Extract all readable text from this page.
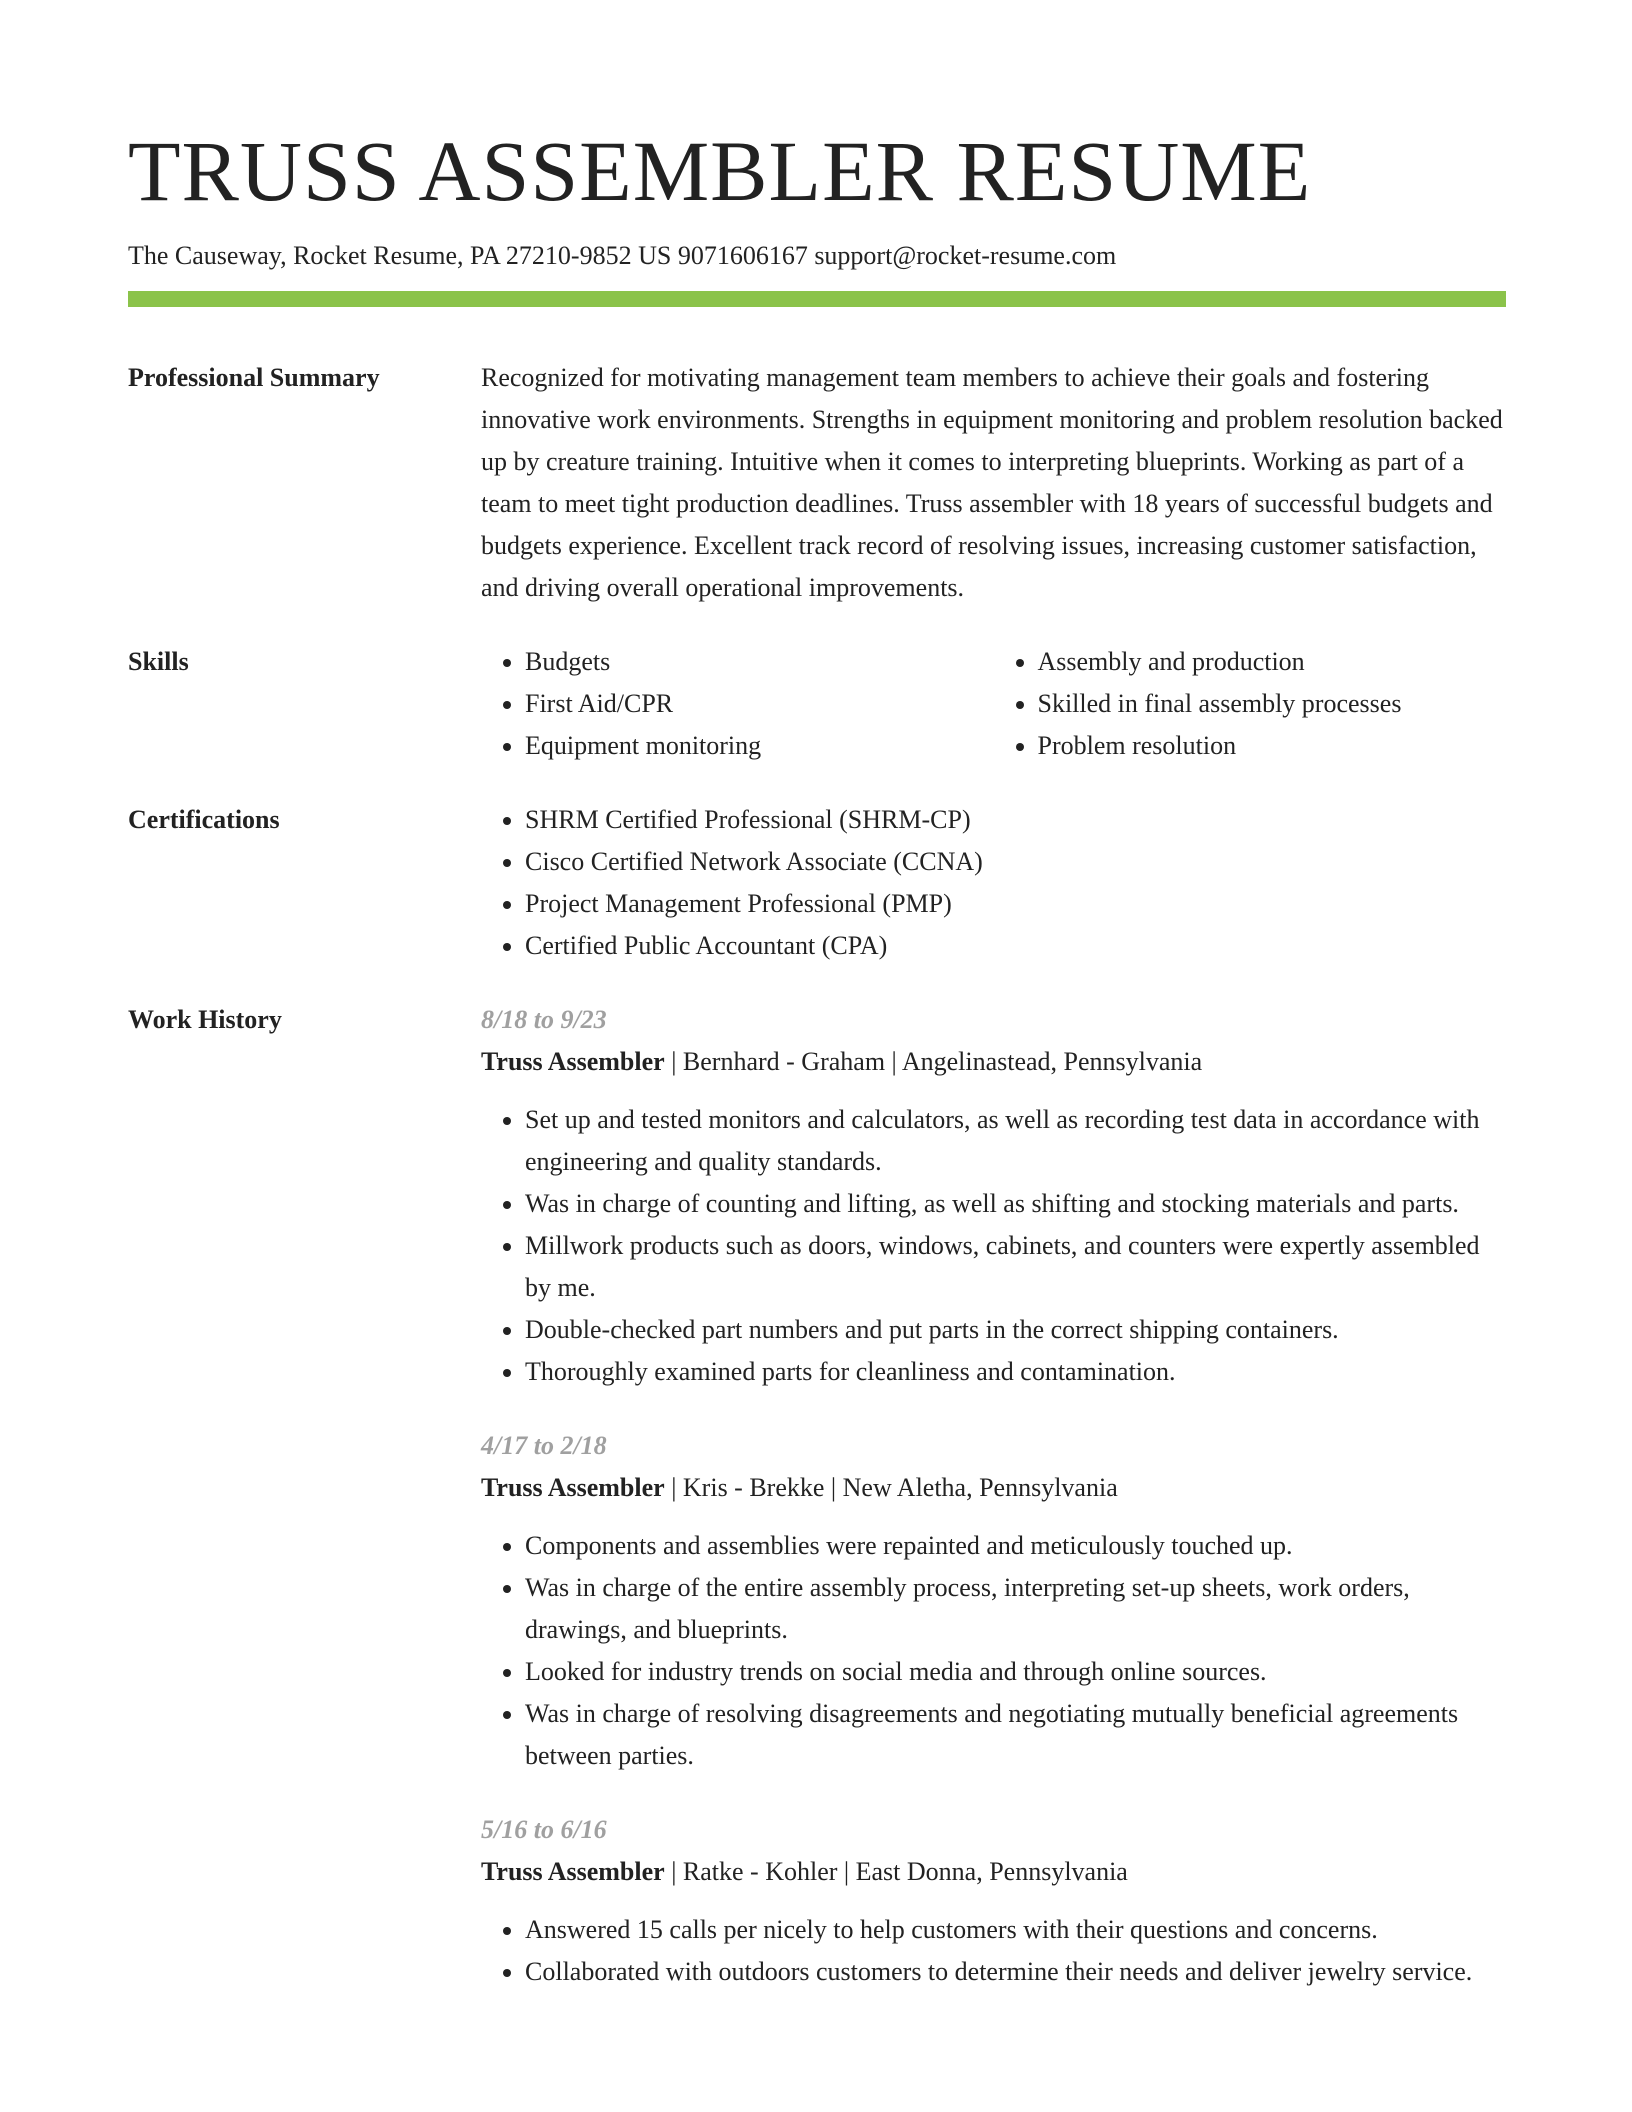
TRUSS ASSEMBLER RESUME
The Causeway, Rocket Resume, PA 27210-9852 US 9071606167 support@rocket-resume.com
Professional Summary	Recognized for motivating management team members to achieve their goals and fostering innovative work environments. Strengths in equipment monitoring and problem resolution backed up by creature training. Intuitive when it comes to interpreting blueprints. Working as part of a team to meet tight production deadlines. Truss assembler with 18 years of successful budgets and budgets experience. Excellent track record of resolving issues, increasing customer satisfaction, and driving overall operational improvements.

Skills	• Budgets
• First Aid/CPR
• Equipment monitoring
• Assembly and production
• Skilled in final assembly processes
• Problem resolution
Certifications	• SHRM Certified Professional (SHRM-CP)
• Cisco Certified Network Associate (CCNA)
• Project Management Professional (PMP)
• Certified Public Accountant (CPA)
Work History	8/18 to 9/23
Truss Assembler | Bernhard - Graham | Angelinastead, Pennsylvania
• Set up and tested monitors and calculators, as well as recording test data in accordance with engineering and quality standards.
• Was in charge of counting and lifting, as well as shifting and stocking materials and parts.
• Millwork products such as doors, windows, cabinets, and counters were expertly assembled by me.
• Double-checked part numbers and put parts in the correct shipping containers.
• Thoroughly examined parts for cleanliness and contamination.
4/17 to 2/18
Truss Assembler | Kris - Brekke | New Aletha, Pennsylvania
• Components and assemblies were repainted and meticulously touched up.
• Was in charge of the entire assembly process, interpreting set-up sheets, work orders, drawings, and blueprints.
• Looked for industry trends on social media and through online sources.
• Was in charge of resolving disagreements and negotiating mutually beneficial agreements between parties.
5/16 to 6/16
Truss Assembler | Ratke - Kohler | East Donna, Pennsylvania
• Answered 15 calls per nicely to help customers with their questions and concerns.
• Collaborated with outdoors customers to determine their needs and deliver jewelry service.
